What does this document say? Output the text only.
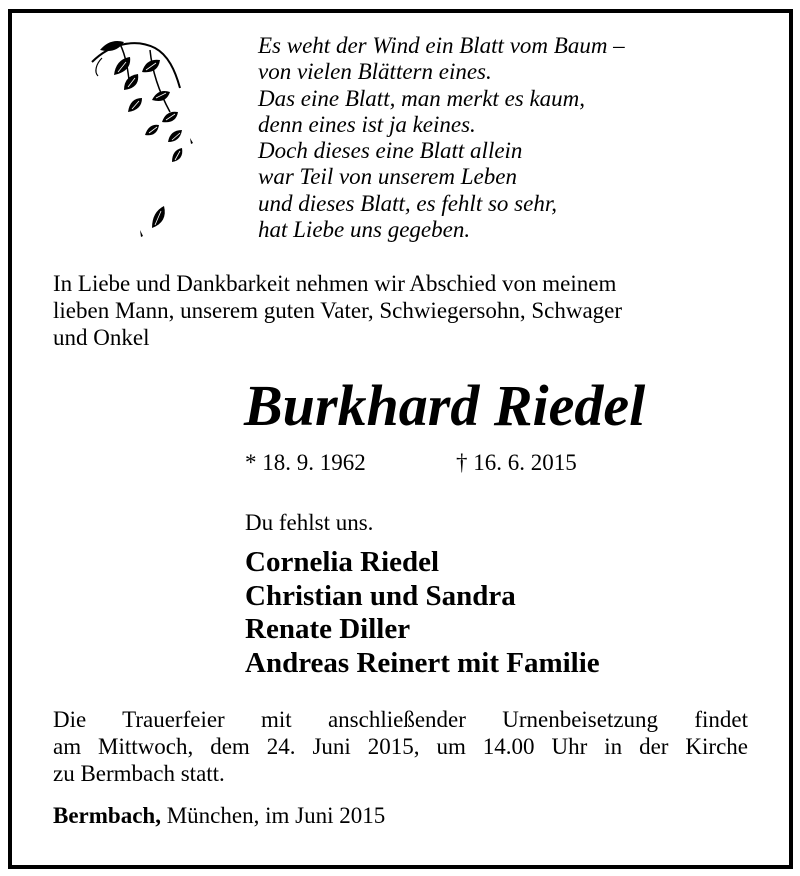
Es weht der Wind ein Blatt vom Baum –
von vielen Blättern eines.
Das eine Blatt, man merkt es kaum,
denn eines ist ja keines.
Doch dieses eine Blatt allein
war Teil von unserem Leben
und dieses Blatt, es fehlt so sehr,
hat Liebe uns gegeben.
In Liebe und Dankbarkeit nehmen wir Abschied von meinem
lieben Mann, unserem guten Vater, Schwiegersohn, Schwager
und Onkel
Burkhard Riedel
* 18. 9. 1962	† 16. 6. 2015
Du fehlst uns.
Cornelia Riedel
Christian und Sandra
Renate Diller
Andreas Reinert mit Familie
Die Trauerfeier mit anschließender Urnenbeisetzung findet
am Mittwoch, dem 24. Juni 2015, um 14.00 Uhr in der Kirche
zu Bermbach statt.
Bermbach, München, im Juni 2015
